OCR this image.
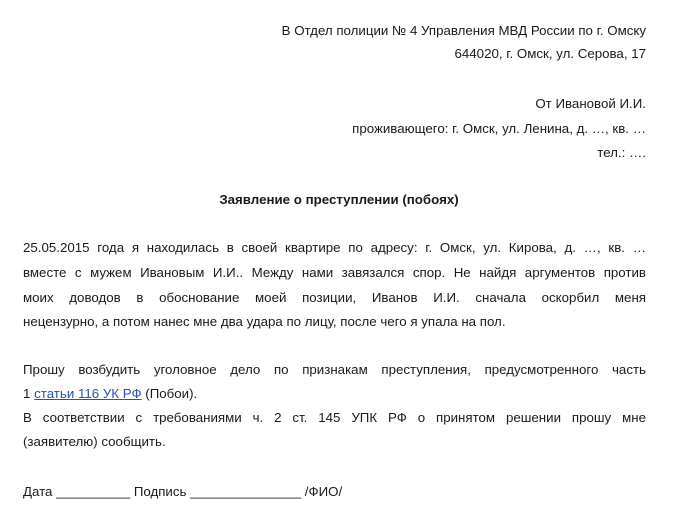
В Отдел полиции № 4 Управления МВД России по г. Омску
644020, г. Омск, ул. Серова, 17
От Ивановой И.И.
проживающего: г. Омск, ул. Ленина, д. …, кв. …
тел.: ….
Заявление о преступлении (побоях)
25.05.2015 года я находилась в своей квартире по адресу: г. Омск, ул. Кирова, д. …, кв. …
вместе с мужем Ивановым И.И.. Между нами завязался спор. Не найдя аргументов против
моих доводов в обоснование моей позиции, Иванов И.И. сначала оскорбил меня
нецензурно, а потом нанес мне два удара по лицу, после чего я упала на пол.
Прошу возбудить уголовное дело по признакам преступления, предусмотренного часть
1 статьи 116 УК РФ (Побои).
В соответствии с требованиями ч. 2 ст. 145 УПК РФ о принятом решении прошу мне
(заявителю) сообщить.
Дата __________ Подпись _______________ /ФИО/
